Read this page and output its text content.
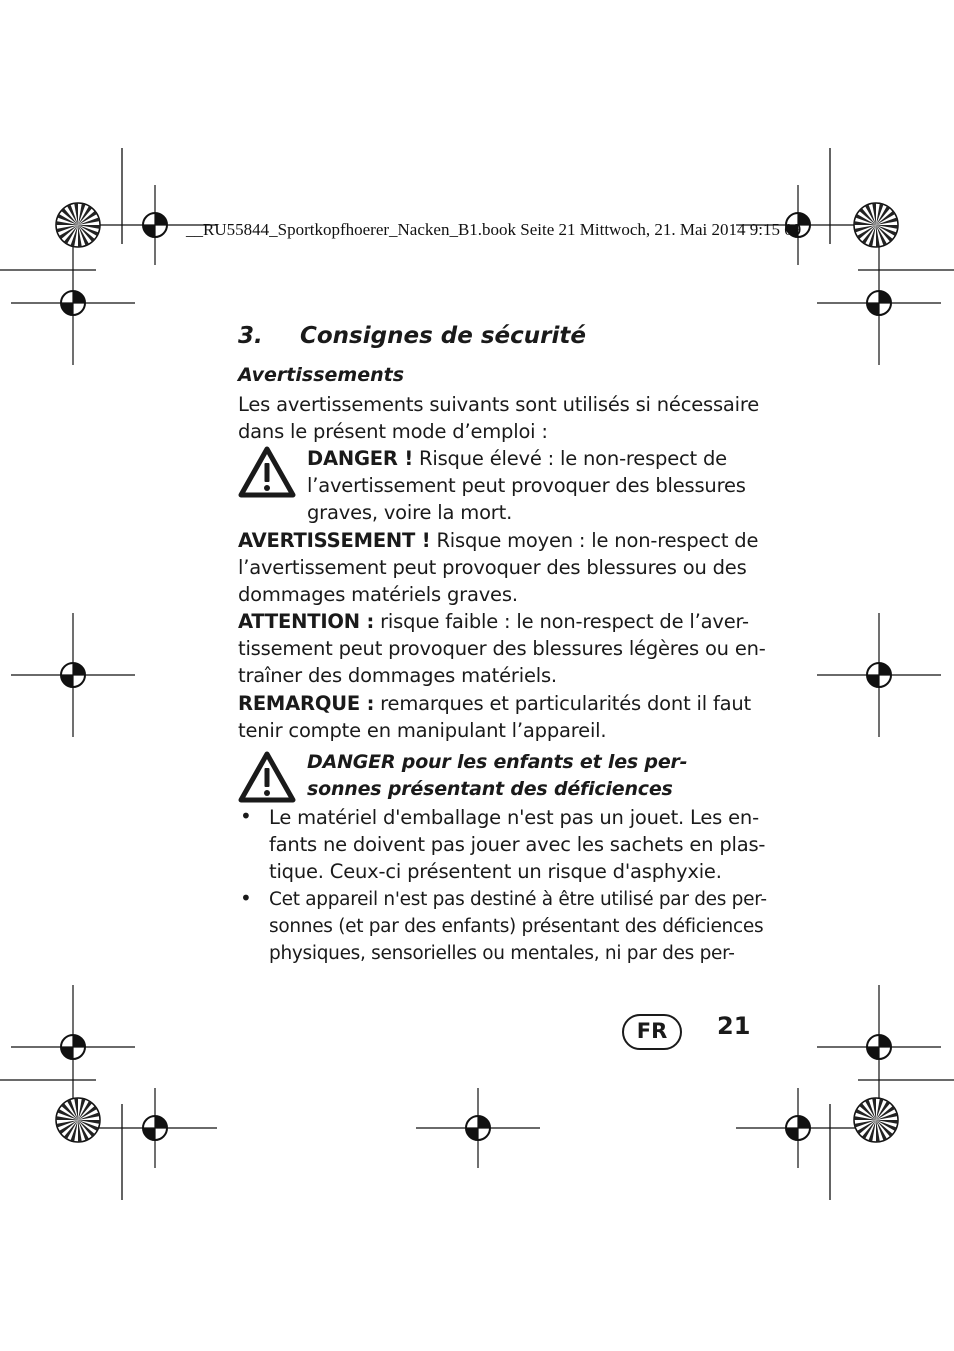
__RU55844_Sportkopfhoerer_Nacken_B1.book Seite 21 Mittwoch, 21. Mai 2014 9:15 09
3. Consignes de sécurité
Avertissements
Les avertissements suivants sont utilisés si nécessaire
dans le présent mode d’emploi :
DANGER ! Risque élevé : le non-respect de
l’avertissement peut provoquer des blessures
graves, voire la mort.
AVERTISSEMENT ! Risque moyen : le non-respect de
l’avertissement peut provoquer des blessures ou des
dommages matériels graves.
ATTENTION : risque faible : le non-respect de l’aver-
tissement peut provoquer des blessures légères ou en-
traîner des dommages matériels.
REMARQUE : remarques et particularités dont il faut
tenir compte en manipulant l’appareil.
DANGER pour les enfants et les per-
sonnes présentant des déficiences
• Le matériel d'emballage n'est pas un jouet. Les en-
fants ne doivent pas jouer avec les sachets en plas-
tique. Ceux-ci présentent un risque d'asphyxie.
• Cet appareil n'est pas destiné à être utilisé par des per-
sonnes (et par des enfants) présentant des déficiences
physiques, sensorielles ou mentales, ni par des per-
FR	21
